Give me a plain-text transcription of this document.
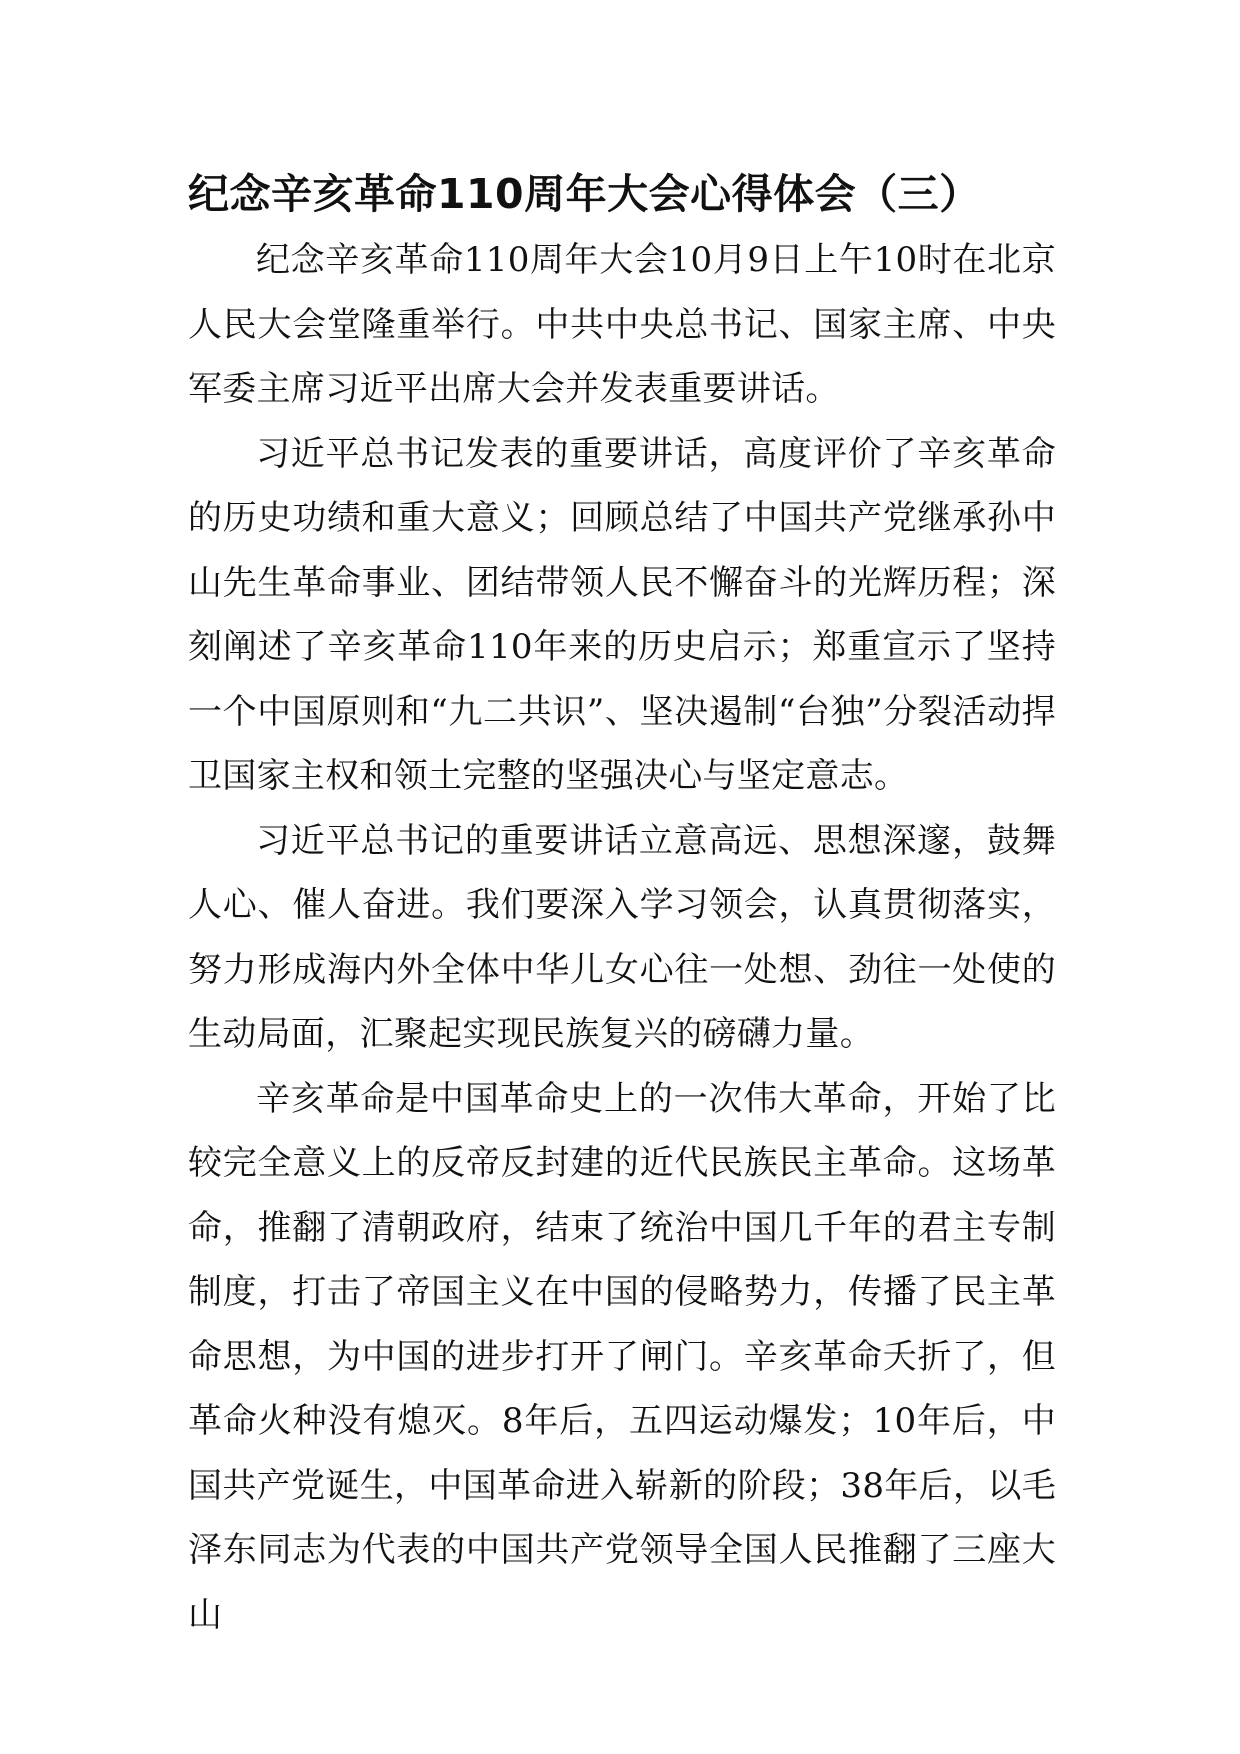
纪念辛亥革命110周年大会心得体会（三）

纪念辛亥革命110周年大会10月9日上午10时在北京人民大会堂隆重举行。中共中央总书记、国家主席、中央军委主席习近平出席大会并发表重要讲话。

习近平总书记发表的重要讲话，高度评价了辛亥革命的历史功绩和重大意义；回顾总结了中国共产党继承孙中山先生革命事业、团结带领人民不懈奋斗的光辉历程；深刻阐述了辛亥革命110年来的历史启示；郑重宣示了坚持一个中国原则和“九二共识”、坚决遏制“台独”分裂活动捍卫国家主权和领土完整的坚强决心与坚定意志。

习近平总书记的重要讲话立意高远、思想深邃，鼓舞人心、催人奋进。我们要深入学习领会，认真贯彻落实，努力形成海内外全体中华儿女心往一处想、劲往一处使的生动局面，汇聚起实现民族复兴的磅礴力量。

辛亥革命是中国革命史上的一次伟大革命，开始了比较完全意义上的反帝反封建的近代民族民主革命。这场革命，推翻了清朝政府，结束了统治中国几千年的君主专制制度，打击了帝国主义在中国的侵略势力，传播了民主革命思想，为中国的进步打开了闸门。辛亥革命夭折了，但革命火种没有熄灭。8年后，五四运动爆发；10年后，中国共产党诞生，中国革命进入崭新的阶段；38年后，以毛泽东同志为代表的中国共产党领导全国人民推翻了三座大山
